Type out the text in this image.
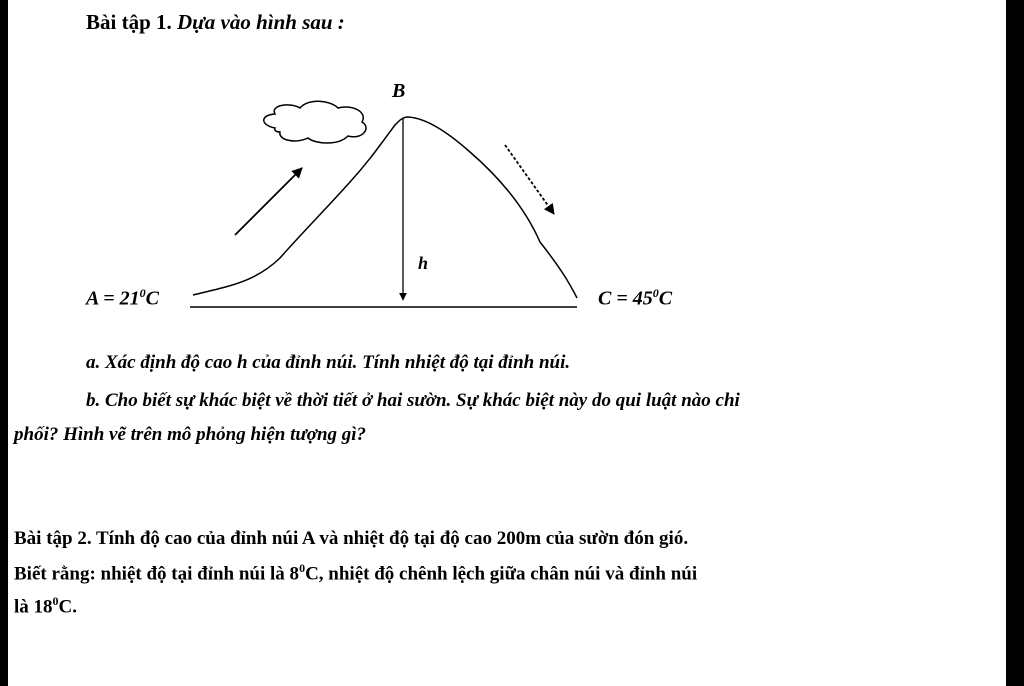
Bài tập 1. Dựa vào hình sau :
B
h
$A = 21^0C$	$C = 45^0C$
a. Xác định độ cao h của đỉnh núi. Tính nhiệt độ tại đỉnh núi.
b. Cho biết sự khác biệt về thời tiết ở hai sườn. Sự khác biệt này do qui luật nào chi
phối? Hình vẽ trên mô phỏng hiện tượng gì?
Bài tập 2. Tính độ cao của đỉnh núi A và nhiệt độ tại độ cao 200m của sườn đón gió.
Biết rằng: nhiệt độ tại đỉnh núi là $8^0C$, nhiệt độ chênh lệch giữa chân núi và đỉnh núi
là $18^0C$.
